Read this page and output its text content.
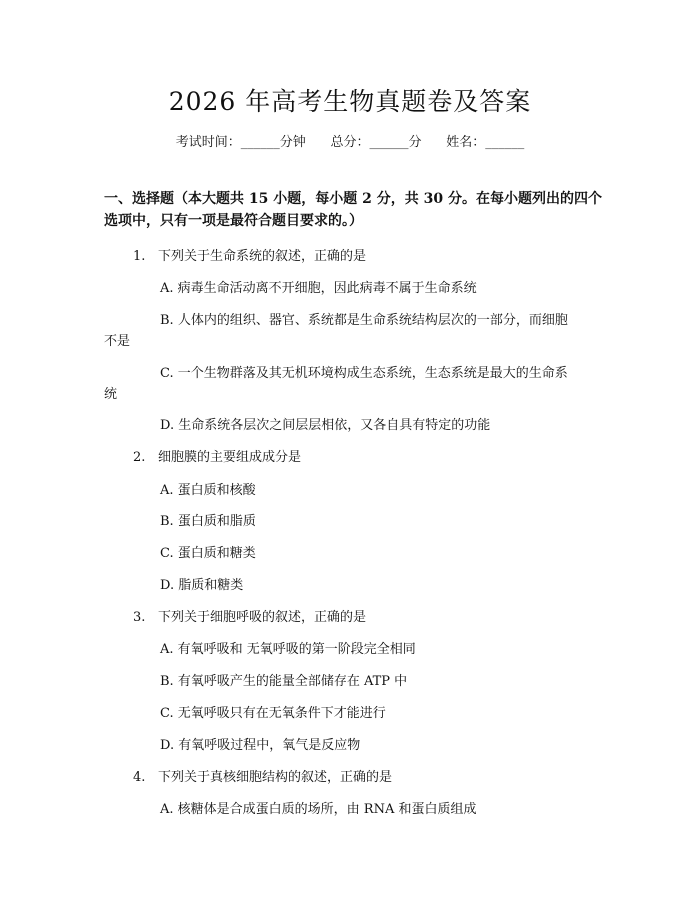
2026 年高考生物真题卷及答案
考试时间：______分钟      总分：______分      姓名：______
一、选择题（本大题共 15 小题，每小题 2 分，共 30 分。在每小题列出的四个选项中，只有一项是最符合题目要求的。）
1. 下列关于生命系统的叙述，正确的是
A. 病毒生命活动离不开细胞，因此病毒不属于生命系统
B. 人体内的组织、器官、系统都是生命系统结构层次的一部分，而细胞
不是
C. 一个生物群落及其无机环境构成生态系统，生态系统是最大的生命系
统
D. 生命系统各层次之间层层相依，又各自具有特定的功能
2. 细胞膜的主要组成成分是
A. 蛋白质和核酸
B. 蛋白质和脂质
C. 蛋白质和糖类
D. 脂质和糖类
3. 下列关于细胞呼吸的叙述，正确的是
A. 有氧呼吸和 无氧呼吸的第一阶段完全相同
B. 有氧呼吸产生的能量全部储存在 ATP 中
C. 无氧呼吸只有在无氧条件下才能进行
D. 有氧呼吸过程中，氧气是反应物
4. 下列关于真核细胞结构的叙述，正确的是
A. 核糖体是合成蛋白质的场所，由 RNA 和蛋白质组成
